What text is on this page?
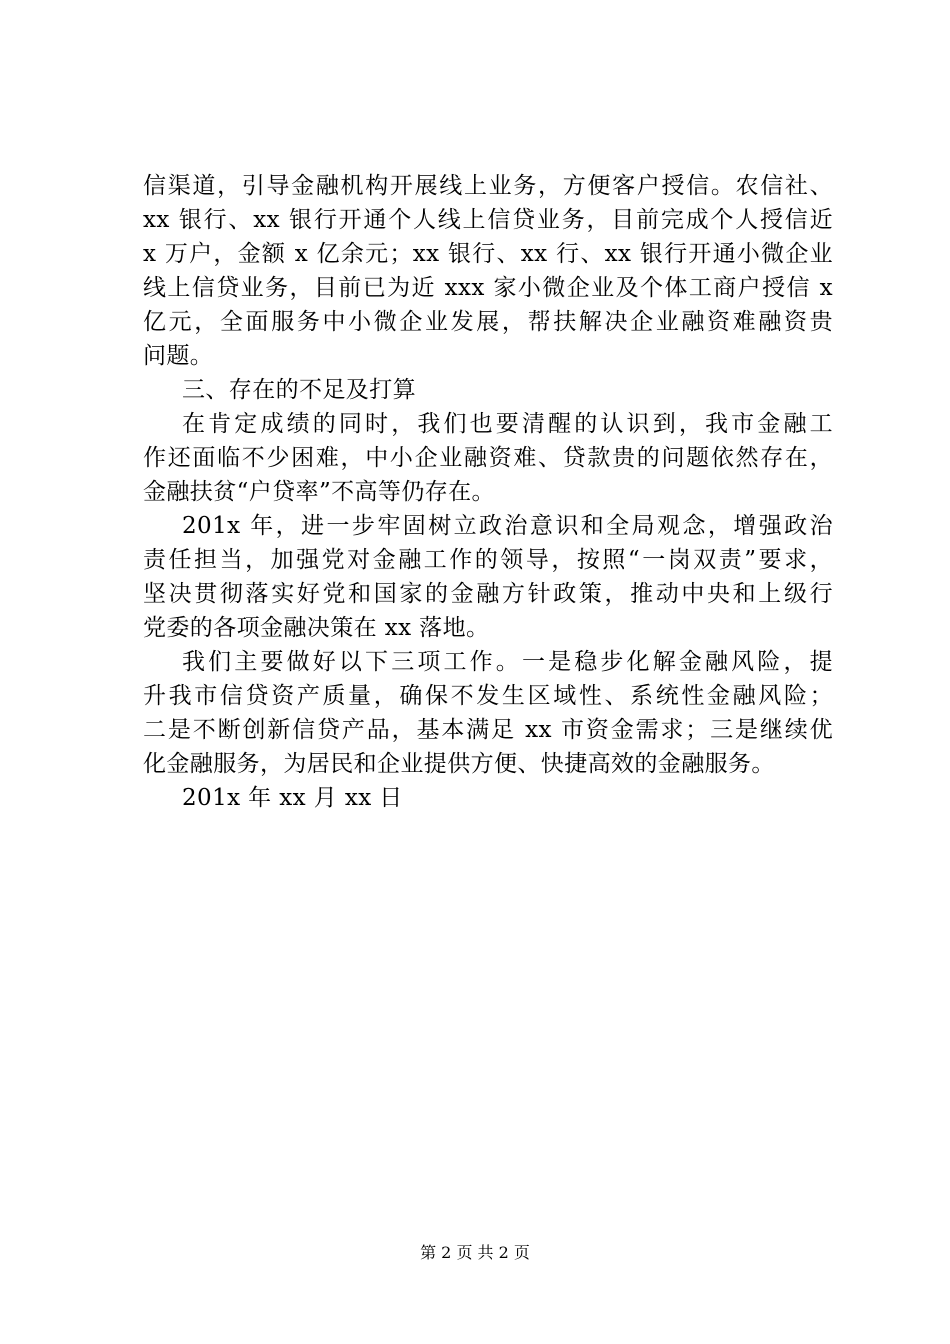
信渠道，引导金融机构开展线上业务，方便客户授信。农信社、
xx 银行、xx 银行开通个人线上信贷业务，目前完成个人授信近
x 万户，金额 x 亿余元；xx 银行、xx 行、xx 银行开通小微企业
线上信贷业务，目前已为近 xxx 家小微企业及个体工商户授信 x
亿元，全面服务中小微企业发展，帮扶解决企业融资难融资贵
问题。
三、存在的不足及打算
在肯定成绩的同时，我们也要清醒的认识到，我市金融工
作还面临不少困难，中小企业融资难、贷款贵的问题依然存在，
金融扶贫“户贷率”不高等仍存在。
201x 年，进一步牢固树立政治意识和全局观念，增强政治
责任担当，加强党对金融工作的领导，按照“一岗双责”要求，
坚决贯彻落实好党和国家的金融方针政策，推动中央和上级行
党委的各项金融决策在 xx 落地。
我们主要做好以下三项工作。一是稳步化解金融风险，提
升我市信贷资产质量，确保不发生区域性、系统性金融风险；
二是不断创新信贷产品，基本满足 xx 市资金需求；三是继续优
化金融服务，为居民和企业提供方便、快捷高效的金融服务。
201x 年 xx 月 xx 日
第 2 页 共 2 页
